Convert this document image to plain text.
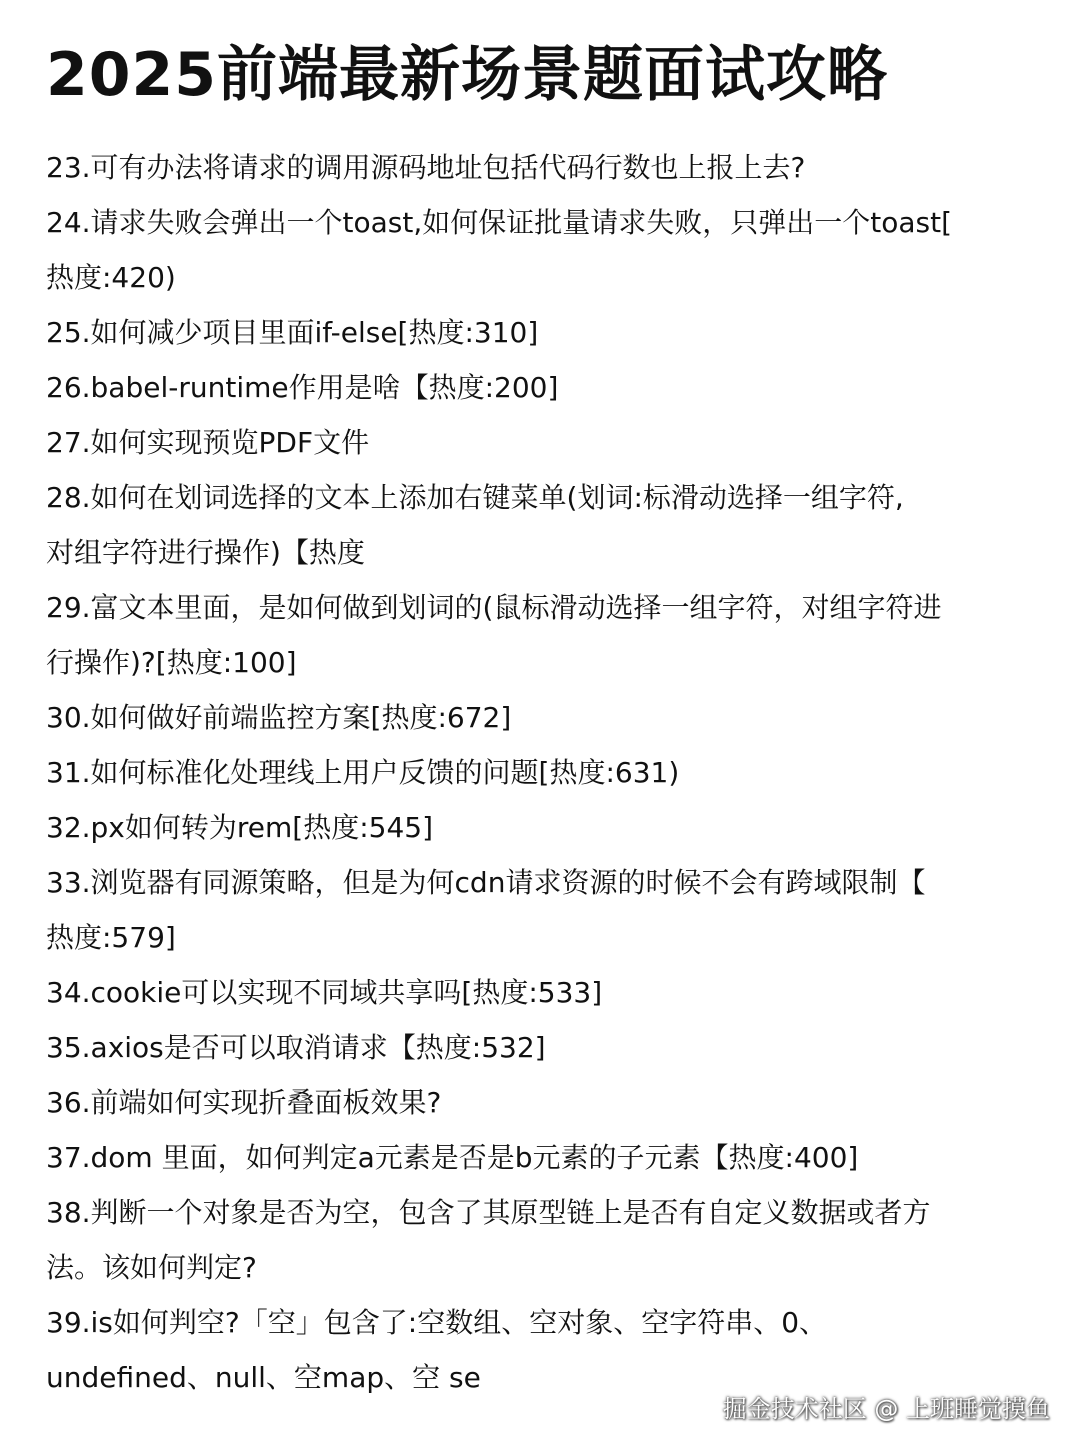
2025前端最新场景题面试攻略
23.可有办法将请求的调用源码地址包括代码行数也上报上去?
24.请求失败会弹出一个toast,如何保证批量请求失败，只弹出一个toast[
热度:420)
25.如何减少项目里面if-else[热度:310]
26.babel-runtime作用是啥【热度:200]
27.如何实现预览PDF文件
28.如何在划词选择的文本上添加右键菜单(划词:标滑动选择一组字符,
对组字符进行操作)【热度
29.富文本里面，是如何做到划词的(鼠标滑动选择一组字符，对组字符进
行操作)?[热度:100]
30.如何做好前端监控方案[热度:672]
31.如何标准化处理线上用户反馈的问题[热度:631)
32.px如何转为rem[热度:545]
33.浏览器有同源策略，但是为何cdn请求资源的时候不会有跨域限制【
热度:579]
34.cookie可以实现不同域共享吗[热度:533]
35.axios是否可以取消请求【热度:532]
36.前端如何实现折叠面板效果?
37.dom 里面，如何判定a元素是否是b元素的子元素【热度:400]
38.判断一个对象是否为空，包含了其原型链上是否有自定义数据或者方
法。该如何判定?
39.is如何判空?「空」包含了:空数组、空对象、空字符串、0、
undefined、null、空map、空 se
掘金技术社区 @ 上班睡觉摸鱼
